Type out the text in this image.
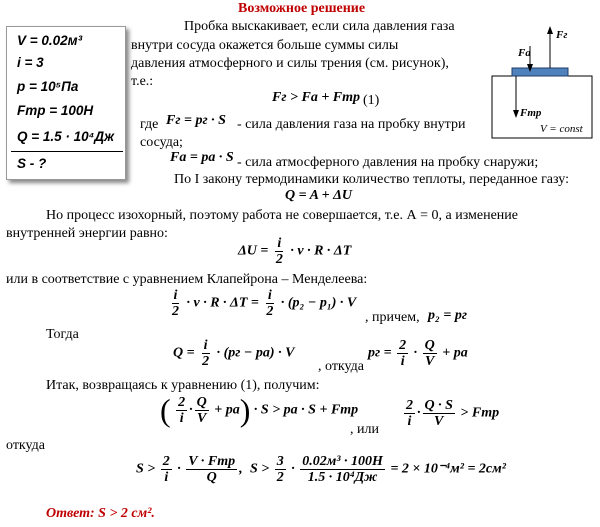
Возможное решение
V = 0.02м³
i = 3
p = 10⁵Па
Fтр = 100Н
Q = 1.5 · 10⁴Дж
S - ?
Fг
Fа
Fтр
V = const
Пробка выскакивает, если сила давления газа
внутри сосуда окажется больше суммы силы
давления атмосферного и силы трения (см. рисунок),
т.е.:
Fг > Fа + Fтр (1)
где Fг = pг · S - сила давления газа на пробку внутри
сосуда;
Fа = pа · S - сила атмосферного давления на пробку снаружи;
По I закону термодинамики количество теплоты, переданное газу:
Q = A + ΔU
Но процесс изохорный, поэтому работа не совершается, т.е. А = 0, а изменение
внутренней энергии равно:
$\Delta U = \frac{i}{2} \cdot \nu \cdot R \cdot \Delta T$
или в соответствие с уравнением Клапейрона – Менделеева:
$\frac{i}{2} \cdot \nu \cdot R \cdot \Delta T = \frac{i}{2} \cdot (p_2 - p_1) \cdot V$
, причем, p₂ = pг
Тогда
$Q = \frac{i}{2} \cdot (pг - pа) \cdot V$
, откуда
pг = $\frac{2}{i} \cdot \frac{Q}{V}$ + pа
Итак, возвращаясь к уравнению (1), получим:
( $\frac{2}{i} \cdot \frac{Q}{V} + pа) \cdot S$ > pа · S + Fтр
, или
$\frac{2}{i} \cdot \frac{Q \cdot S}{V}$ > Fтр
откуда
$S > \frac{2}{i} \cdot \frac{\text{V · Fтр}}{Q}$ , $S > \frac{3}{2} \cdot \frac{\text{0.02м³ · 100Н}}{\text{1.5 · 10⁴Дж}} = 2 \times 10^{-4}м^2 = 2см^2$
Ответ: S > 2 см².
